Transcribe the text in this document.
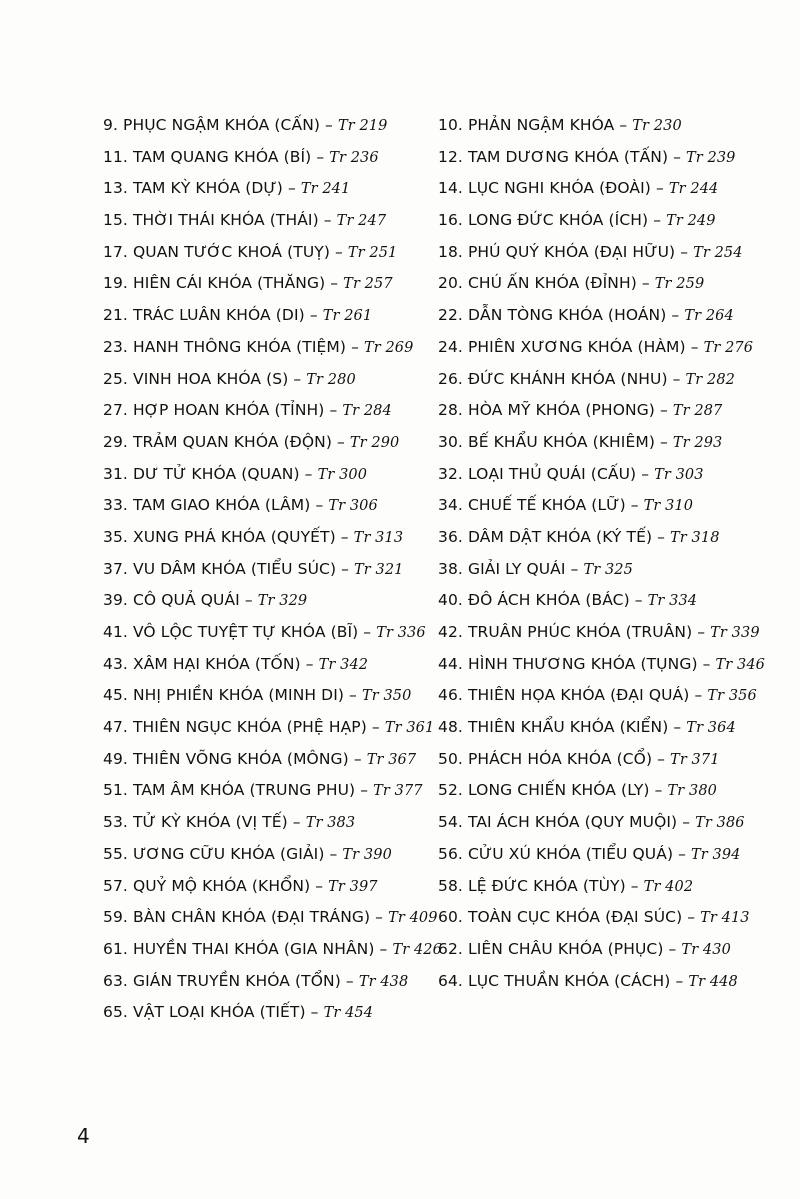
9. PHỤC NGẬM KHÓA (CẤN) – Tr 219
11. TAM QUANG KHÓA (BÍ) – Tr 236
13. TAM KỲ KHÓA (DỰ) – Tr 241
15. THỜI THÁI KHÓA (THÁI) – Tr 247
17. QUAN TƯỚC KHOÁ (TUỴ) – Tr 251
19. HIÊN CÁI KHÓA (THĂNG) – Tr 257
21. TRÁC LUÂN KHÓA (DI) – Tr 261
23. HANH THÔNG KHÓA (TIỆM) – Tr 269
25. VINH HOA KHÓA (S) – Tr 280
27. HỢP HOAN KHÓA (TỈNH) – Tr 284
29. TRẢM QUAN KHÓA (ĐỘN) – Tr 290
31. DƯ TỬ KHÓA (QUAN) – Tr 300
33. TAM GIAO KHÓA (LÂM) – Tr 306
35. XUNG PHÁ KHÓA (QUYẾT) – Tr 313
37. VU DÂM KHÓA (TIỂU SÚC) – Tr 321
39. CÔ QUẢ QUÁI – Tr 329
41. VÔ LỘC TUYỆT TỰ KHÓA (BĨ) – Tr 336
43. XÂM HẠI KHÓA (TỐN) – Tr 342
45. NHỊ PHIỀN KHÓA (MINH DI) – Tr 350
47. THIÊN NGỤC KHÓA (PHỆ HẠP) – Tr 361
49. THIÊN VÕNG KHÓA (MÔNG) – Tr 367
51. TAM ÂM KHÓA (TRUNG PHU) – Tr 377
53. TỬ KỲ KHÓA (VỊ TẾ) – Tr 383
55. ƯƠNG CỮU KHÓA (GIẢI) – Tr 390
57. QUỶ MỘ KHÓA (KHỔN) – Tr 397
59. BÀN CHÂN KHÓA (ĐẠI TRÁNG) – Tr 409
61. HUYỀN THAI KHÓA (GIA NHÂN) – Tr 426
63. GIÁN TRUYỀN KHÓA (TỔN) – Tr 438
65. VẬT LOẠI KHÓA (TIẾT) – Tr 454
10. PHẢN NGẬM KHÓA – Tr 230
12. TAM DƯƠNG KHÓA (TẤN) – Tr 239
14. LỤC NGHI KHÓA (ĐOÀI) – Tr 244
16. LONG ĐỨC KHÓA (ÍCH) – Tr 249
18. PHÚ QUÝ KHÓA (ĐẠI HỮU) – Tr 254
20. CHÚ ẤN KHÓA (ĐỈNH) – Tr 259
22. DẪN TÒNG KHÓA (HOÁN) – Tr 264
24. PHIÊN XƯƠNG KHÓA (HÀM) – Tr 276
26. ĐỨC KHÁNH KHÓA (NHU) – Tr 282
28. HÒA MỸ KHÓA (PHONG) – Tr 287
30. BẾ KHẨU KHÓA (KHIÊM) – Tr 293
32. LOẠI THỦ QUÁI (CẤU) – Tr 303
34. CHUẾ TẾ KHÓA (LỮ) – Tr 310
36. DÂM DẬT KHÓA (KÝ TẾ) – Tr 318
38. GIẢI LY QUÁI – Tr 325
40. ĐÔ ÁCH KHÓA (BÁC) – Tr 334
42. TRUÂN PHÚC KHÓA (TRUÂN) – Tr 339
44. HÌNH THƯƠNG KHÓA (TỤNG) – Tr 346
46. THIÊN HỌA KHÓA (ĐẠI QUÁ) – Tr 356
48. THIÊN KHẨU KHÓA (KIỂN) – Tr 364
50. PHÁCH HÓA KHÓA (CỔ) – Tr 371
52. LONG CHIẾN KHÓA (LY) – Tr 380
54. TAI ÁCH KHÓA (QUY MUỘI) – Tr 386
56. CỬU XÚ KHÓA (TIỂU QUÁ) – Tr 394
58. LỆ ĐỨC KHÓA (TÙY) – Tr 402
60. TOÀN CỤC KHÓA (ĐẠI SÚC) – Tr 413
62. LIÊN CHÂU KHÓA (PHỤC) – Tr 430
64. LỤC THUẦN KHÓA (CÁCH) – Tr 448
4
